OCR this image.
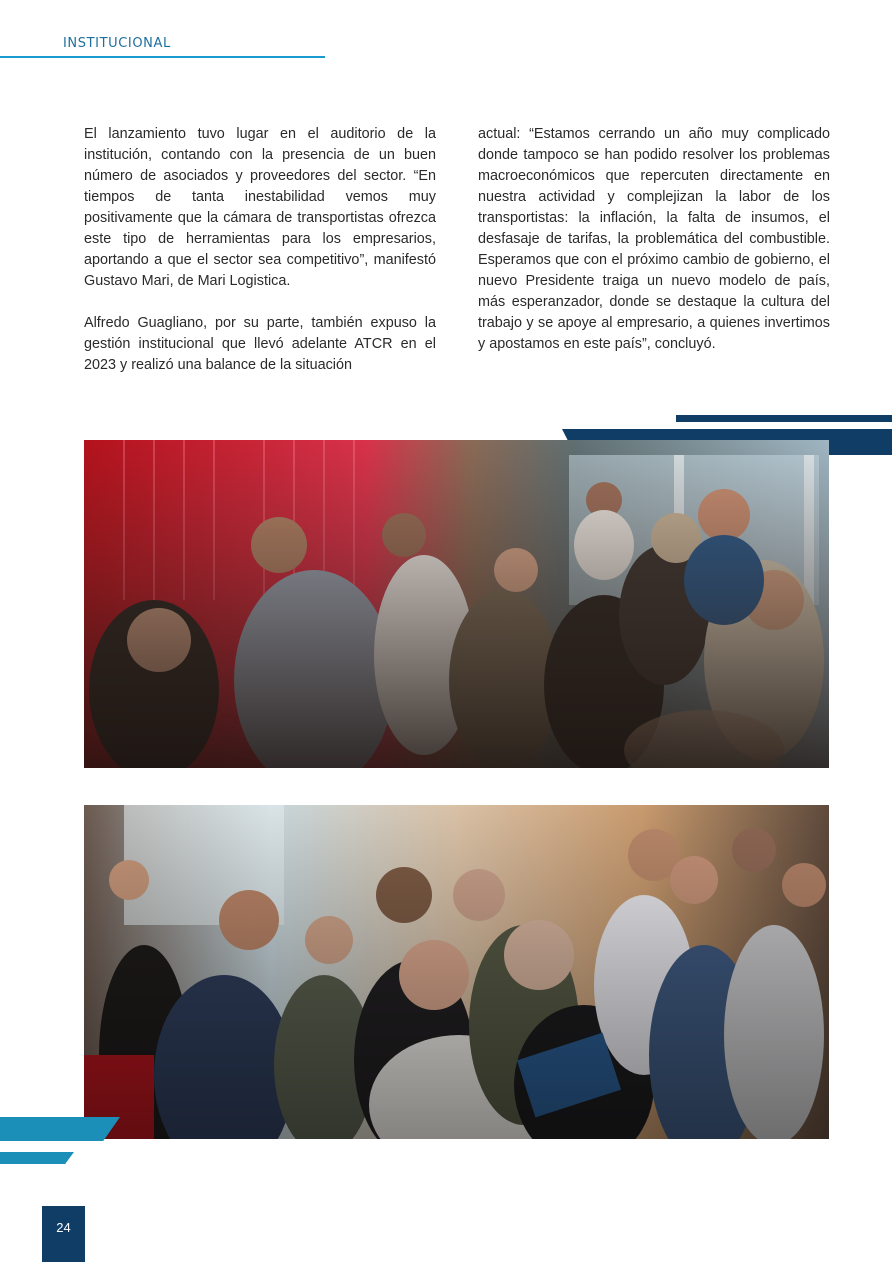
INSTITUCIONAL

El lanzamiento tuvo lugar en el auditorio de la institución, contando con la presencia de un buen número de asociados y proveedores del sector. “En tiempos de tanta inestabilidad vemos muy positivamente que la cámara de transportistas ofrezca este tipo de herramientas para los empresarios, aportando a que el sector sea competitivo”, manifestó Gustavo Mari, de Mari Logistica.

Alfredo Guagliano, por su parte, también expuso la gestión institucional que llevó adelante ATCR en el 2023 y realizó una balance de la situación

actual: “Estamos cerrando un año muy complicado donde tampoco se han podido resolver los problemas macroeconómicos que repercuten directamente en nuestra actividad y complejizan la labor de los transportistas: la inflación, la falta de insumos, el desfasaje de tarifas, la problemática del combustible. Esperamos que con el próximo cambio de gobierno, el nuevo Presidente traiga un nuevo modelo de país, más esperanzador, donde se destaque la cultura del trabajo y se apoye al empresario, a quienes invertimos y apostamos en este país”, concluyó.

24
